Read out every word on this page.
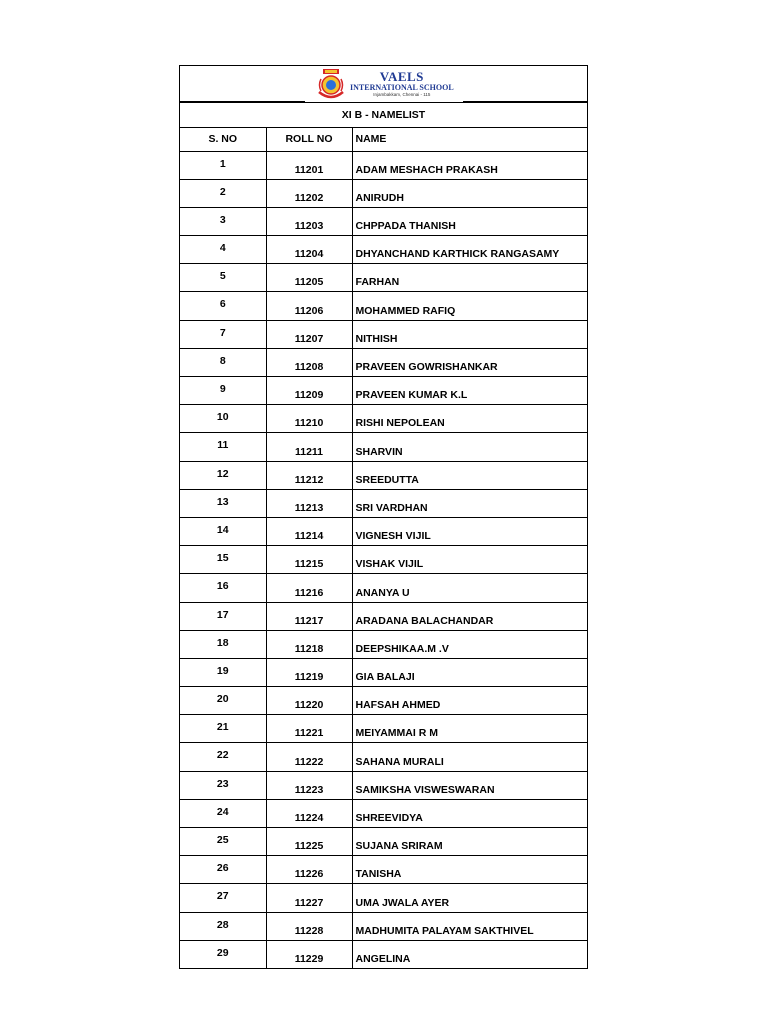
VAELS
INTERNATIONAL SCHOOL
Injambakkam, Chennai - 115
XI B - NAMELIST
S. NO	ROLL NO	NAME
1	11201	ADAM MESHACH PRAKASH
2	11202	ANIRUDH
3	11203	CHPPADA THANISH
4	11204	DHYANCHAND KARTHICK RANGASAMY
5	11205	FARHAN
6	11206	MOHAMMED RAFIQ
7	11207	NITHISH
8	11208	PRAVEEN GOWRISHANKAR
9	11209	PRAVEEN KUMAR K.L
10	11210	RISHI NEPOLEAN
11	11211	SHARVIN
12	11212	SREEDUTTA
13	11213	SRI VARDHAN
14	11214	VIGNESH VIJIL
15	11215	VISHAK VIJIL
16	11216	ANANYA U
17	11217	ARADANA BALACHANDAR
18	11218	DEEPSHIKAA.M .V
19	11219	GIA BALAJI
20	11220	HAFSAH AHMED
21	11221	MEIYAMMAI R M
22	11222	SAHANA MURALI
23	11223	SAMIKSHA VISWESWARAN
24	11224	SHREEVIDYA
25	11225	SUJANA SRIRAM
26	11226	TANISHA
27	11227	UMA JWALA AYER
28	11228	MADHUMITA PALAYAM SAKTHIVEL
29	11229	ANGELINA
